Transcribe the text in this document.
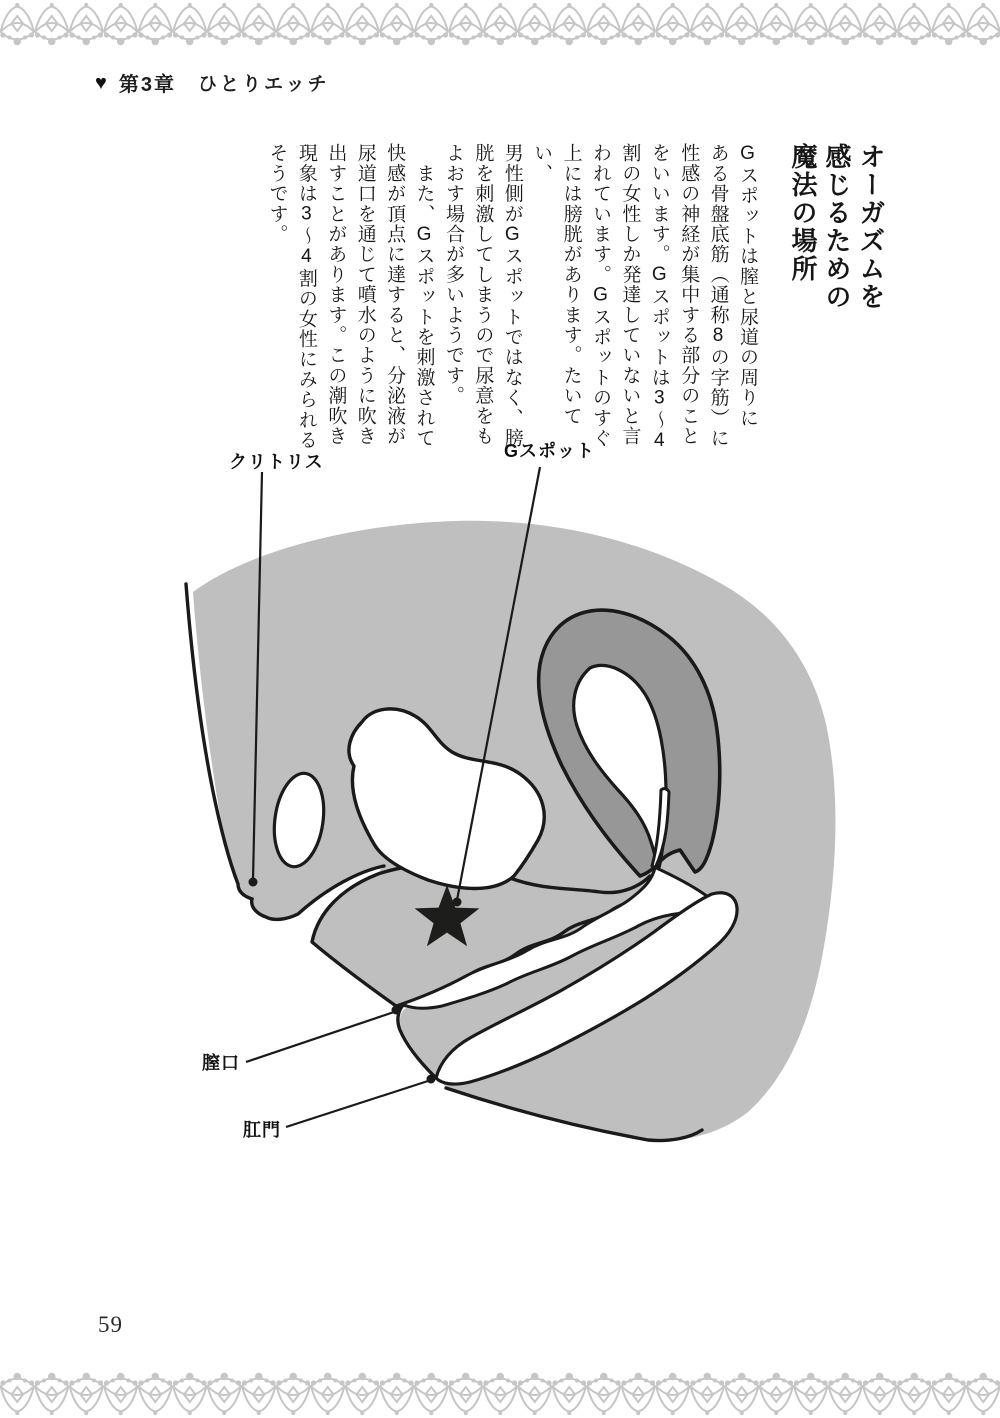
♥ 第3章 ひとりエッチ
オーガズムを
感じるための
魔法の場所
Gスポットは膣と尿道の周りに
ある骨盤底筋（通称8の字筋）に
性感の神経が集中する部分のこと
をいいます。Gスポットは3～4
割の女性しか発達していないと言
われています。Gスポットのすぐ
上には膀胱があります。たいてい、
男性側がGスポットではなく、膀
胱を刺激してしまうので尿意をも
よおす場合が多いようです。
　また、Gスポットを刺激されて
快感が頂点に達すると、分泌液が
尿道口を通じて噴水のように吹き
出すことがあります。この潮吹き
現象は3～4割の女性にみられる
そうです。
クリトリス
Gスポット
膣口
肛門
59
